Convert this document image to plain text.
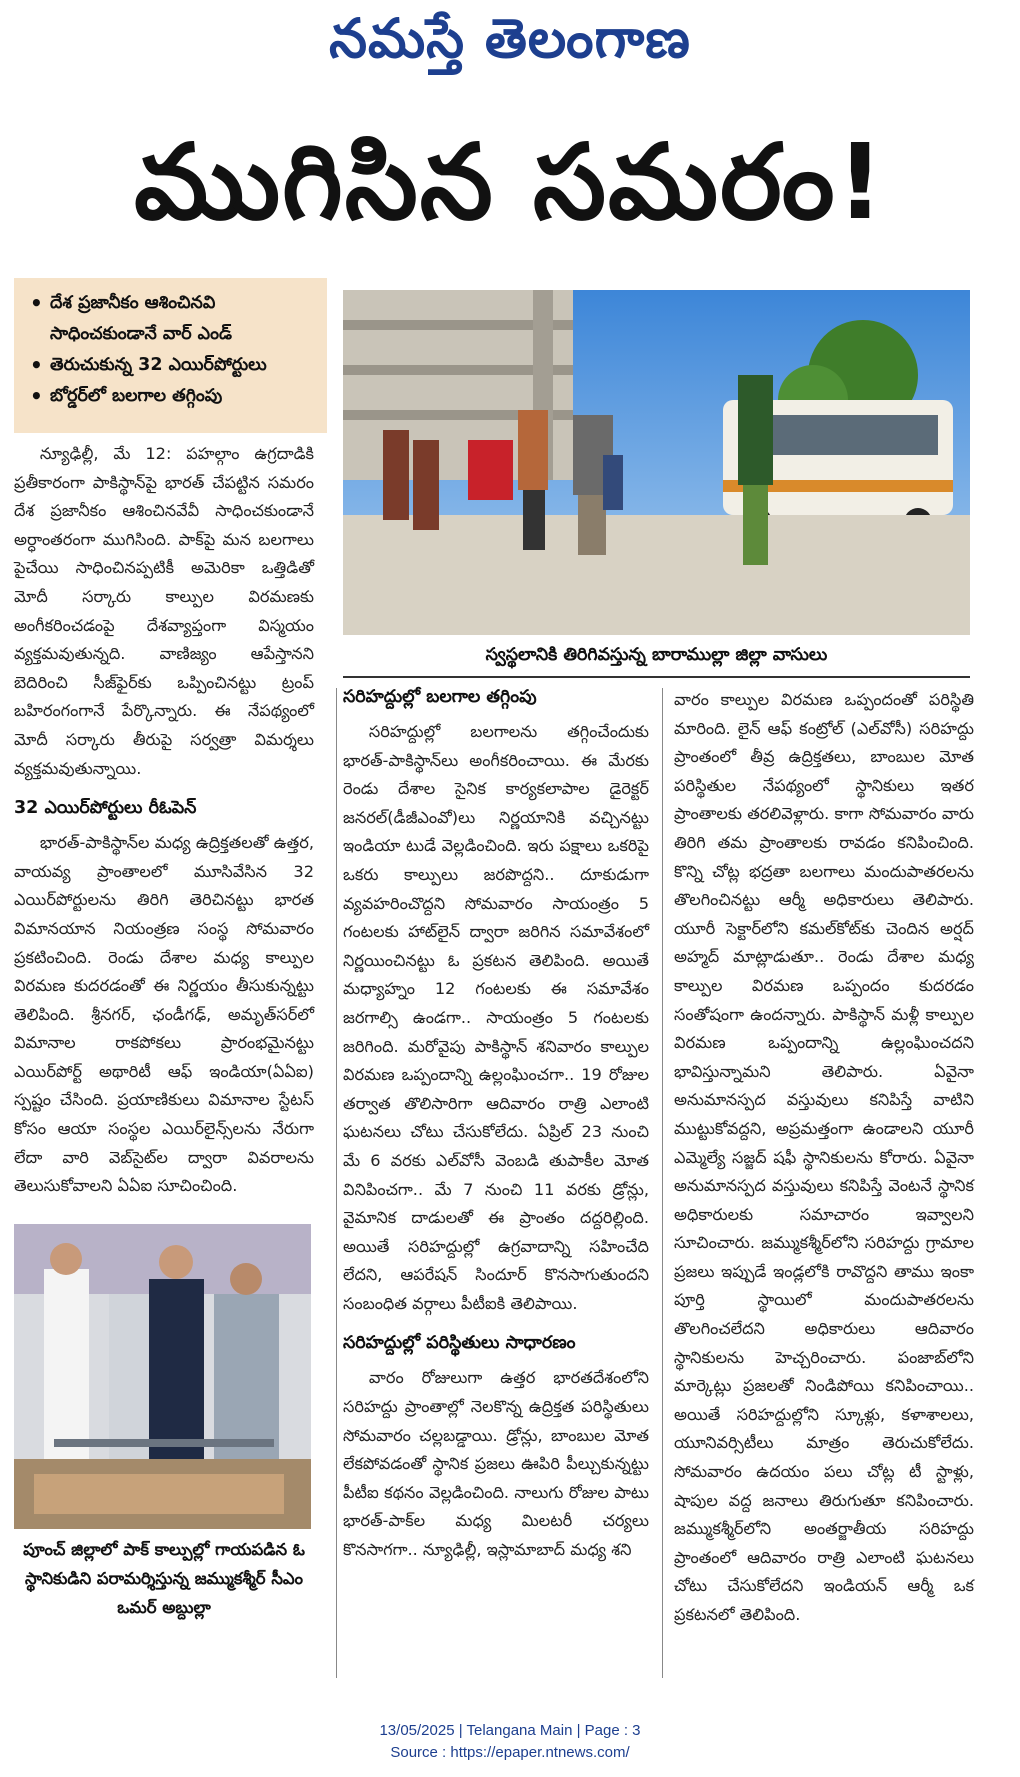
నమస్తే తెలంగాణ
ముగిసిన సమరం!
• దేశ ప్రజానీకం ఆశించినవి సాధించకుండానే వార్ ఎండ్
• తెరుచుకున్న 32 ఎయిర్‌పోర్టులు
• బోర్డర్‌లో బలగాల తగ్గింపు

న్యూఢిల్లీ, మే 12: పహల్గాం ఉగ్రదాడికి ప్రతీకారంగా పాకిస్థాన్‌పై భారత్ చేపట్టిన సమరం దేశ ప్రజానీకం ఆశించినవేవీ సాధించకుండానే అర్ధాంతరంగా ముగిసింది. పాక్‌పై మన బలగాలు పైచేయి సాధించినప్పటికీ అమెరికా ఒత్తిడితో మోదీ సర్కారు కాల్పుల విరమణకు అంగీకరించడంపై దేశవ్యాప్తంగా విస్మయం వ్యక్తమవుతున్నది. వాణిజ్యం ఆపేస్తానని బెదిరించి సీజ్‌ఫైర్‌కు ఒప్పించినట్టు ట్రంప్ బహిరంగంగానే పేర్కొన్నారు. ఈ నేపథ్యంలో మోదీ సర్కారు తీరుపై సర్వత్రా విమర్శలు వ్యక్తమవుతున్నాయి.

32 ఎయిర్‌పోర్టులు రీఓపెన్

భారత్-పాకిస్థాన్‌ల మధ్య ఉద్రిక్తతలతో ఉత్తర, వాయవ్య ప్రాంతాలలో మూసివేసిన 32 ఎయిర్‌పోర్టులను తిరిగి తెరిచినట్టు భారత విమానయాన నియంత్రణ సంస్థ సోమవారం ప్రకటించింది. రెండు దేశాల మధ్య కాల్పుల విరమణ కుదరడంతో ఈ నిర్ణయం తీసుకున్నట్టు తెలిపింది. శ్రీనగర్, ఛండీగఢ్, అమృత్‌సర్‌లో విమానాల రాకపోకలు ప్రారంభమైనట్టు ఎయిర్‌పోర్ట్ అథారిటీ ఆఫ్ ఇండియా(ఏఏఐ) స్పష్టం చేసింది. ప్రయాణికులు విమానాల స్టేటస్ కోసం ఆయా సంస్థల ఎయిర్‌లైన్స్‌లను నేరుగా లేదా వారి వెబ్‌సైట్‌ల ద్వారా వివరాలను తెలుసుకోవాలని ఏఏఐ సూచించింది.

స్వస్థలానికి తిరిగివస్తున్న బారాముల్లా జిల్లా వాసులు
సరిహద్దుల్లో బలగాల తగ్గింపు

సరిహద్దుల్లో బలగాలను తగ్గించేందుకు భారత్-పాకిస్థాన్‌లు అంగీకరించాయి. ఈ మేరకు రెండు దేశాల సైనిక కార్యకలాపాల డైరెక్టర్ జనరల్(డీజీఎంవో)లు నిర్ణయానికి వచ్చినట్టు ఇండియా టుడే వెల్లడించింది. ఇరు పక్షాలు ఒకరిపై ఒకరు కాల్పులు జరపొద్దని.. దూకుడుగా వ్యవహరించొద్దని సోమవారం సాయంత్రం 5 గంటలకు హాట్‌లైన్ ద్వారా జరిగిన సమావేశంలో నిర్ణయించినట్టు ఓ ప్రకటన తెలిపింది. అయితే మధ్యాహ్నం 12 గంటలకు ఈ సమావేశం జరగాల్సి ఉండగా.. సాయంత్రం 5 గంటలకు జరిగింది. మరోవైపు పాకిస్థాన్ శనివారం కాల్పుల విరమణ ఒప్పందాన్ని ఉల్లంఘించగా.. 19 రోజుల తర్వాత తొలిసారిగా ఆదివారం రాత్రి ఎలాంటి ఘటనలు చోటు చేసుకోలేదు. ఏప్రిల్ 23 నుంచి మే 6 వరకు ఎల్‌వోసీ వెంబడి తుపాకీల మోత వినిపించగా.. మే 7 నుంచి 11 వరకు డ్రోన్లు, వైమానిక దాడులతో ఈ ప్రాంతం దద్దరిల్లింది. అయితే సరిహద్దుల్లో ఉగ్రవాదాన్ని సహించేది లేదని, ఆపరేషన్ సిందూర్ కొనసాగుతుందని సంబంధిత వర్గాలు పీటీఐకి తెలిపాయి.

సరిహద్దుల్లో పరిస్థితులు సాధారణం

వారం రోజులుగా ఉత్తర భారతదేశంలోని సరిహద్దు ప్రాంతాల్లో నెలకొన్న ఉద్రిక్తత పరిస్థితులు సోమవారం చల్లబడ్డాయి. డ్రోన్లు, బాంబుల మోత లేకపోవడంతో స్థానిక ప్రజలు ఊపిరి పీల్చుకున్నట్టు పీటీఐ కథనం వెల్లడించింది. నాలుగు రోజుల పాటు భారత్-పాక్‌ల మధ్య మిలటరీ చర్యలు కొనసాగగా.. న్యూఢిల్లీ, ఇస్లామాబాద్ మధ్య శని

వారం కాల్పుల విరమణ ఒప్పందంతో పరిస్థితి మారింది. లైన్ ఆఫ్ కంట్రోల్ (ఎల్‌వోసీ) సరిహద్దు ప్రాంతంలో తీవ్ర ఉద్రిక్తతలు, బాంబుల మోత పరిస్థితుల నేపథ్యంలో స్థానికులు ఇతర ప్రాంతాలకు తరలివెళ్లారు. కాగా సోమవారం వారు తిరిగి తమ ప్రాంతాలకు రావడం కనిపించింది. కొన్ని చోట్ల భద్రతా బలగాలు మందుపాతరలను తొలగించినట్టు ఆర్మీ అధికారులు తెలిపారు. యూరీ సెక్టార్‌లోని కమల్‌కోట్‌కు చెందిన అర్షద్ అహ్మద్ మాట్లాడుతూ.. రెండు దేశాల మధ్య కాల్పుల విరమణ ఒప్పందం కుదరడం సంతోషంగా ఉందన్నారు. పాకిస్థాన్ మళ్లీ కాల్పుల విరమణ ఒప్పందాన్ని ఉల్లంఘించదని భావిస్తున్నామని తెలిపారు. ఏవైనా అనుమానస్పద వస్తువులు కనిపిస్తే వాటిని ముట్టుకోవద్దని, అప్రమత్తంగా ఉండాలని యూరీ ఎమ్మెల్యే సజ్జద్ షఫీ స్థానికులను కోరారు. ఏవైనా అనుమానస్పద వస్తువులు కనిపిస్తే వెంటనే స్థానిక అధికారులకు సమాచారం ఇవ్వాలని సూచించారు. జమ్ముకశ్మీర్‌లోని సరిహద్దు గ్రామాల ప్రజలు ఇప్పుడే ఇండ్లలోకి రావొద్దని తాము ఇంకా పూర్తి స్థాయిలో మందుపాతరలను తొలగించలేదని అధికారులు ఆదివారం స్థానికులను హెచ్చరించారు. పంజాబ్‌లోని మార్కెట్లు ప్రజలతో నిండిపోయి కనిపించాయి.. అయితే సరిహద్దుల్లోని స్కూళ్లు, కళాశాలలు, యూనివర్సిటీలు మాత్రం తెరుచుకోలేదు. సోమవారం ఉదయం పలు చోట్ల టీ స్టాళ్లు, షాపుల వద్ద జనాలు తిరుగుతూ కనిపించారు. జమ్ముకశ్మీర్‌లోని అంతర్జాతీయ సరిహద్దు ప్రాంతంలో ఆదివారం రాత్రి ఎలాంటి ఘటనలు చోటు చేసుకోలేదని ఇండియన్ ఆర్మీ ఒక ప్రకటనలో తెలిపింది.

పూంచ్ జిల్లాలో పాక్ కాల్పుల్లో గాయపడిన ఓ స్థానికుడిని పరామర్శిస్తున్న జమ్ముకశ్మీర్ సీఎం ఒమర్ అబ్దుల్లా
13/05/2025 | Telangana Main | Page : 3
Source : https://epaper.ntnews.com/
